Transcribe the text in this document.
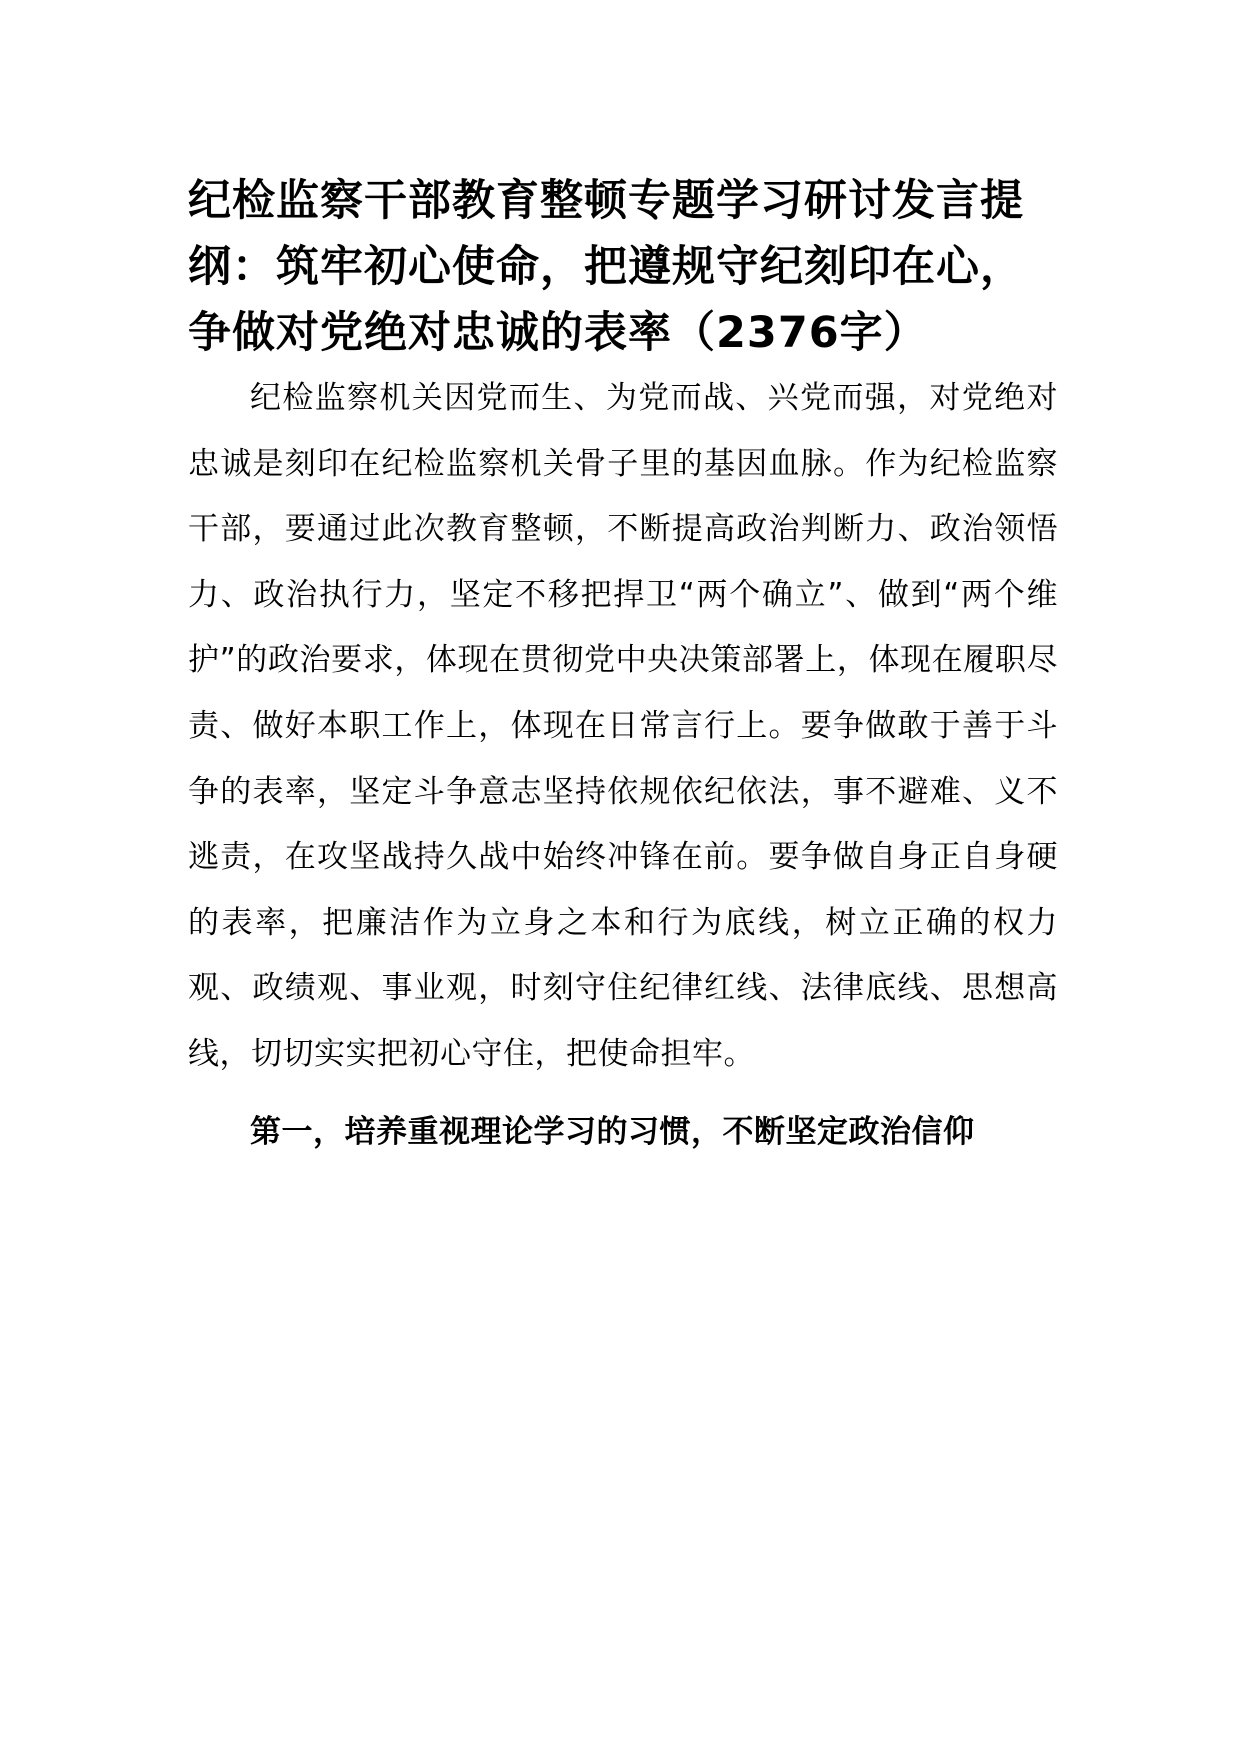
纪检监察干部教育整顿专题学习研讨发言提纲：筑牢初心使命，把遵规守纪刻印在心，争做对党绝对忠诚的表率（2376字）

纪检监察机关因党而生、为党而战、兴党而强，对党绝对忠诚是刻印在纪检监察机关骨子里的基因血脉。作为纪检监察干部，要通过此次教育整顿，不断提高政治判断力、政治领悟力、政治执行力，坚定不移把捍卫“两个确立”、做到“两个维护”的政治要求，体现在贯彻党中央决策部署上，体现在履职尽责、做好本职工作上，体现在日常言行上。要争做敢于善于斗争的表率，坚定斗争意志坚持依规依纪依法，事不避难、义不逃责，在攻坚战持久战中始终冲锋在前。要争做自身正自身硬的表率，把廉洁作为立身之本和行为底线，树立正确的权力观、政绩观、事业观，时刻守住纪律红线、法律底线、思想高线，切切实实把初心守住，把使命担牢。

第一，培养重视理论学习的习惯，不断坚定政治信仰
